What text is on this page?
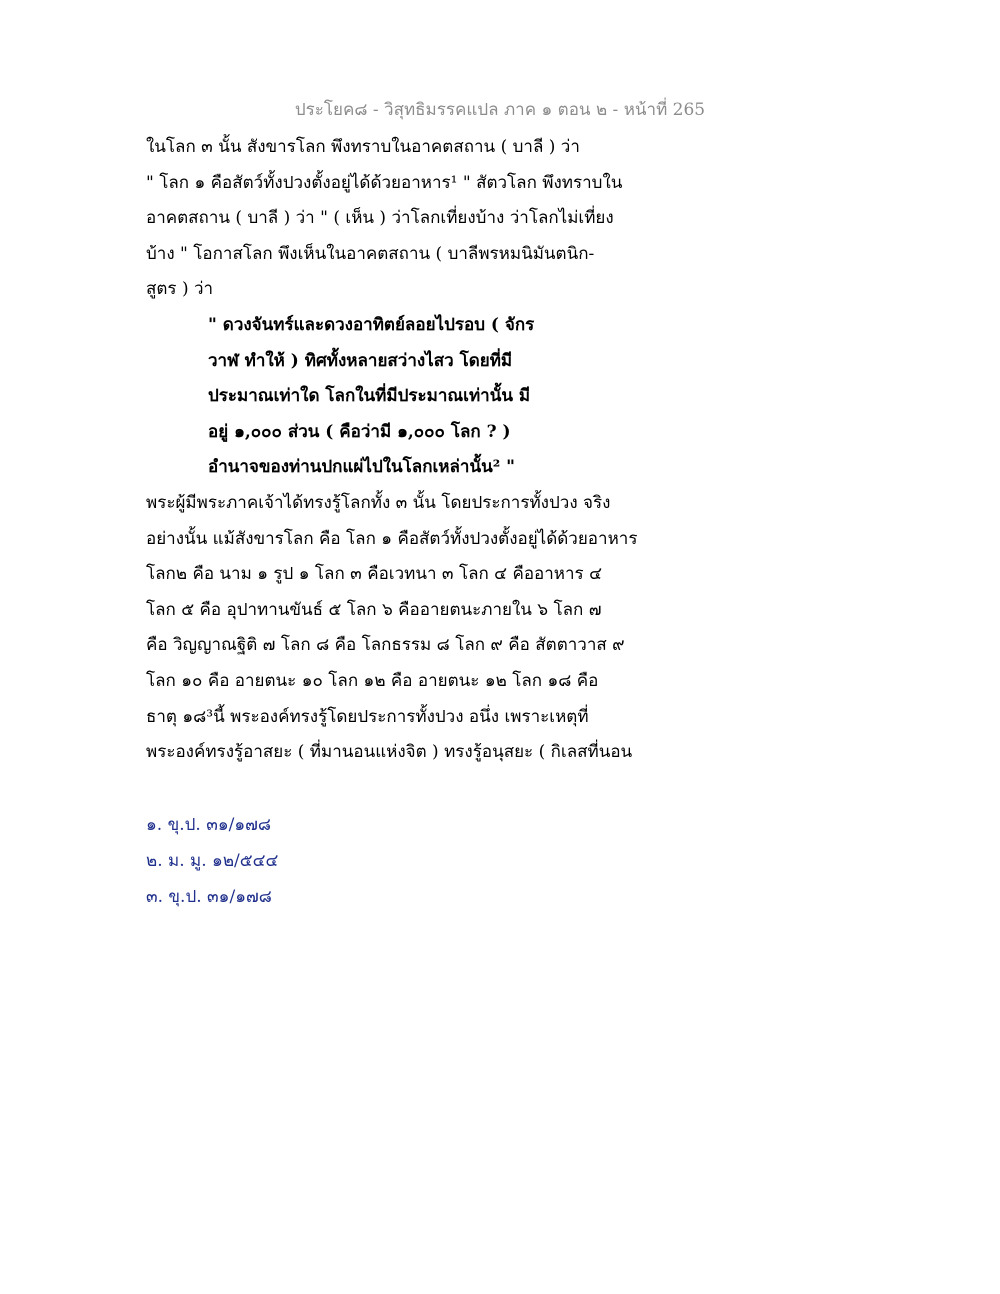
ประโยค๘ - วิสุทธิมรรคแปล ภาค ๑ ตอน ๒ - หน้าที่ 265
ในโลก ๓ นั้น สังขารโลก พึงทราบในอาคตสถาน ( บาลี ) ว่า
" โลก ๑ คือสัตว์ทั้งปวงตั้งอยู่ได้ด้วยอาหาร¹ " สัตวโลก พึงทราบใน
อาคตสถาน ( บาลี ) ว่า " ( เห็น ) ว่าโลกเที่ยงบ้าง ว่าโลกไม่เที่ยง
บ้าง " โอกาสโลก พึงเห็นในอาคตสถาน ( บาลีพรหมนิมันตนิก-
สูตร ) ว่า
" ดวงจันทร์และดวงอาทิตย์ลอยไปรอบ ( จักร
วาฬ ทำให้ ) ทิศทั้งหลายสว่างไสว โดยที่มี
ประมาณเท่าใด โลกในที่มีประมาณเท่านั้น มี
อยู่ ๑,๐๐๐ ส่วน ( คือว่ามี ๑,๐๐๐ โลก ? )
อำนาจของท่านปกแผ่ไปในโลกเหล่านั้น² "
พระผู้มีพระภาคเจ้าได้ทรงรู้โลกทั้ง ๓ นั้น โดยประการทั้งปวง จริง
อย่างนั้น แม้สังขารโลก คือ โลก ๑ คือสัตว์ทั้งปวงตั้งอยู่ได้ด้วยอาหาร
โลก๒ คือ นาม ๑ รูป ๑ โลก ๓ คือเวทนา ๓ โลก ๔ คืออาหาร ๔
โลก ๕ คือ อุปาทานขันธ์ ๕ โลก ๖ คืออายตนะภายใน ๖ โลก ๗
คือ วิญญาณฐิติ ๗ โลก ๘ คือ โลกธรรม ๘ โลก ๙ คือ สัตตาวาส ๙
โลก ๑๐ คือ อายตนะ ๑๐ โลก ๑๒ คือ อายตนะ ๑๒ โลก ๑๘ คือ
ธาตุ ๑๘³นี้ พระองค์ทรงรู้โดยประการทั้งปวง อนึ่ง เพราะเหตุที่
พระองค์ทรงรู้อาสยะ ( ที่มานอนแห่งจิต ) ทรงรู้อนุสยะ ( กิเลสที่นอน
๑. ขุ.ป. ๓๑/๑๗๘
๒. ม. มู. ๑๒/๕๔๔
๓. ขุ.ป. ๓๑/๑๗๘
